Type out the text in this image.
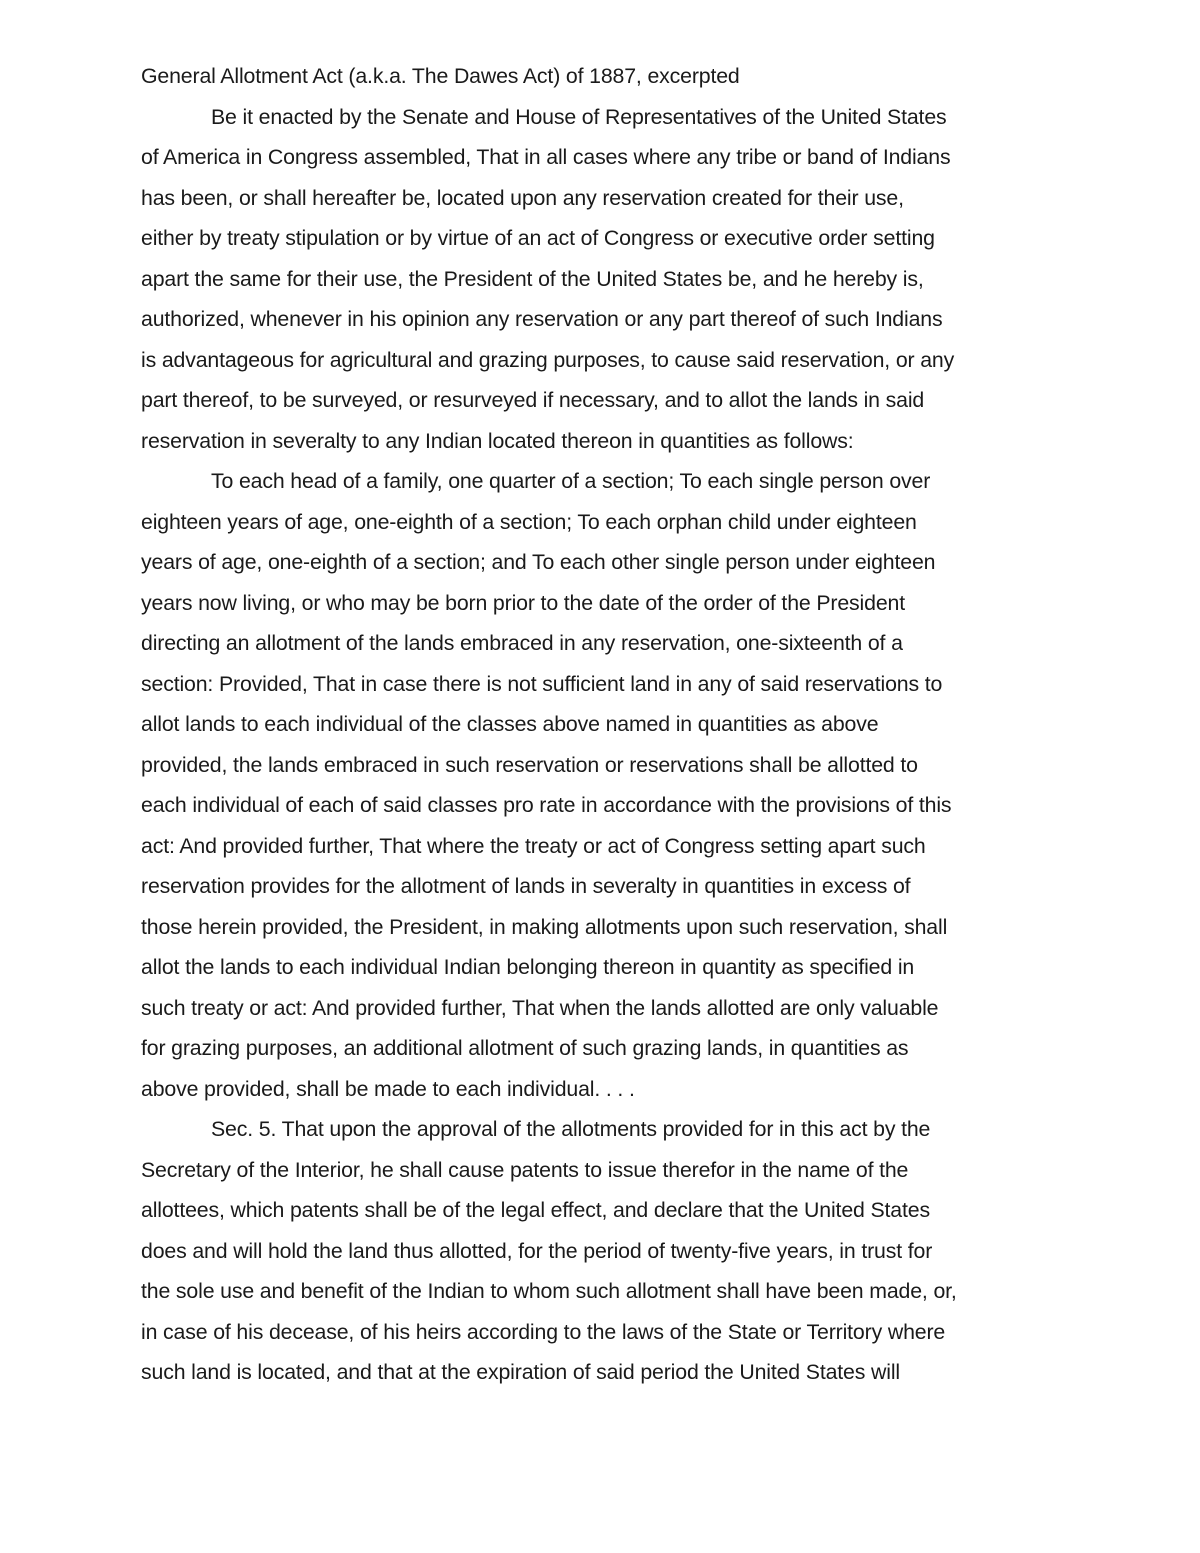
General Allotment Act (a.k.a. The Dawes Act) of 1887, excerpted
Be it enacted by the Senate and House of Representatives of the United States
of America in Congress assembled, That in all cases where any tribe or band of Indians
has been, or shall hereafter be, located upon any reservation created for their use,
either by treaty stipulation or by virtue of an act of Congress or executive order setting
apart the same for their use, the President of the United States be, and he hereby is,
authorized, whenever in his opinion any reservation or any part thereof of such Indians
is advantageous for agricultural and grazing purposes, to cause said reservation, or any
part thereof, to be surveyed, or resurveyed if necessary, and to allot the lands in said
reservation in severalty to any Indian located thereon in quantities as follows:
To each head of a family, one quarter of a section; To each single person over
eighteen years of age, one-eighth of a section; To each orphan child under eighteen
years of age, one-eighth of a section; and To each other single person under eighteen
years now living, or who may be born prior to the date of the order of the President
directing an allotment of the lands embraced in any reservation, one-sixteenth of a
section: Provided, That in case there is not sufficient land in any of said reservations to
allot lands to each individual of the classes above named in quantities as above
provided, the lands embraced in such reservation or reservations shall be allotted to
each individual of each of said classes pro rate in accordance with the provisions of this
act: And provided further, That where the treaty or act of Congress setting apart such
reservation provides for the allotment of lands in severalty in quantities in excess of
those herein provided, the President, in making allotments upon such reservation, shall
allot the lands to each individual Indian belonging thereon in quantity as specified in
such treaty or act: And provided further, That when the lands allotted are only valuable
for grazing purposes, an additional allotment of such grazing lands, in quantities as
above provided, shall be made to each individual. . . .
Sec. 5. That upon the approval of the allotments provided for in this act by the
Secretary of the Interior, he shall cause patents to issue therefor in the name of the
allottees, which patents shall be of the legal effect, and declare that the United States
does and will hold the land thus allotted, for the period of twenty-five years, in trust for
the sole use and benefit of the Indian to whom such allotment shall have been made, or,
in case of his decease, of his heirs according to the laws of the State or Territory where
such land is located, and that at the expiration of said period the United States will
